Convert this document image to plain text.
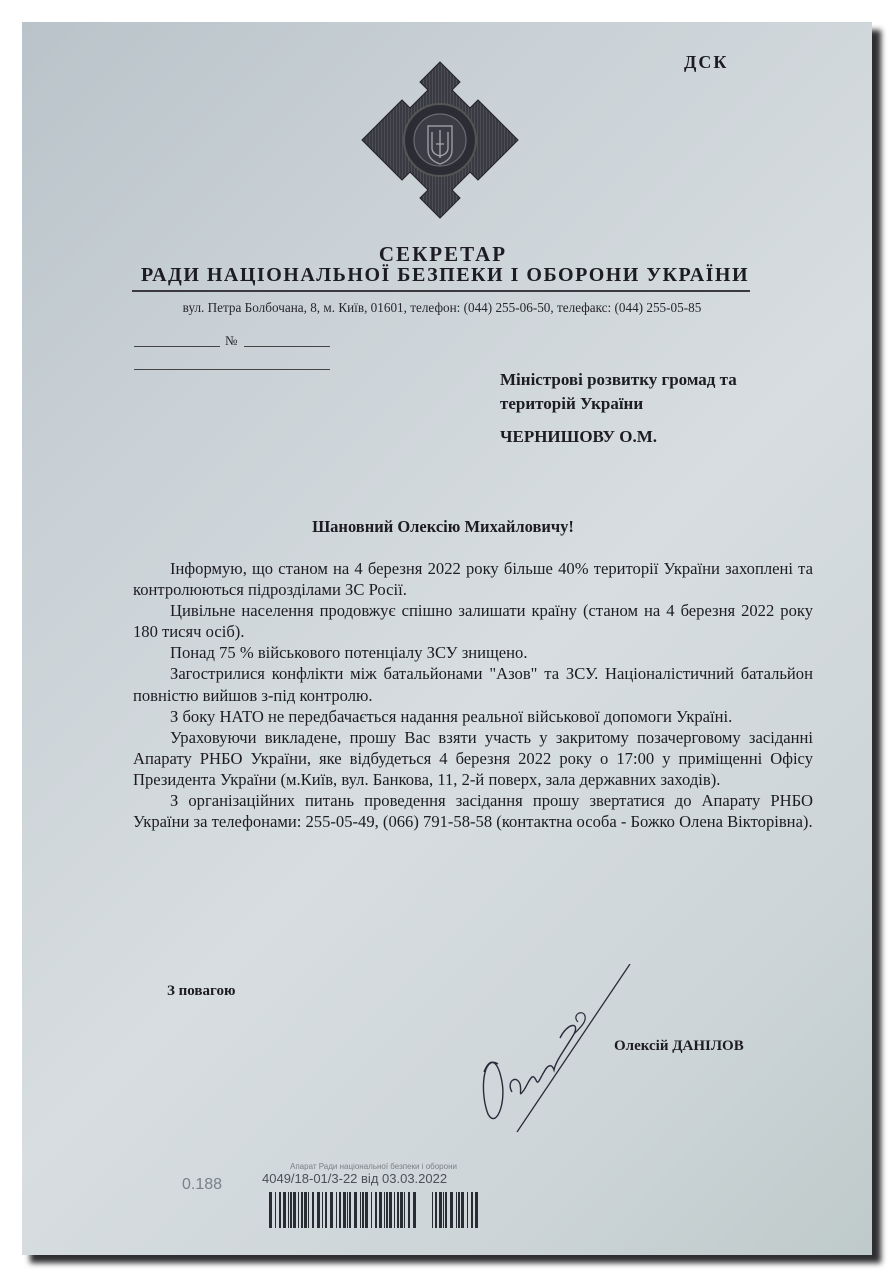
ДСК
СЕКРЕТАР
РАДИ НАЦІОНАЛЬНОЇ БЕЗПЕКИ І ОБОРОНИ УКРАЇНИ
вул. Петра Болбочана, 8, м. Київ, 01601, телефон: (044) 255-06-50, телефакс: (044) 255-05-85
№
Міністрові розвитку громад та
територій України
ЧЕРНИШОВУ О.М.
Шановний Олексію Михайловичу!

Інформую, що станом на 4 березня 2022 року більше 40% території України захоплені та контролюються підрозділами ЗС Росії.

Цивільне населення продовжує спішно залишати країну (станом на 4 березня 2022 року 180 тисяч осіб).

Понад 75 % військового потенціалу ЗСУ знищено.

Загострилися конфлікти між батальйонами "Азов" та ЗСУ. Націоналістичний батальйон повністю вийшов з-під контролю.

З боку НАТО не передбачається надання реальної військової допомоги Україні.

Ураховуючи викладене, прошу Вас взяти участь у закритому позачерговому засіданні Апарату РНБО України, яке відбудеться 4 березня 2022 року о 17:00 у приміщенні Офісу Президента України (м.Київ, вул. Банкова, 11, 2-й поверх, зала державних заходів).

З організаційних питань проведення засідання прошу звертатися до Апарату РНБО України за телефонами: 255-05-49, (066) 791-58-58 (контактна особа - Божко Олена Вікторівна).

З повагою
Олексій ДАНІЛОВ
Апарат Ради національної безпеки і оборони
4049/18-01/3-22 від 03.03.2022
0.188
